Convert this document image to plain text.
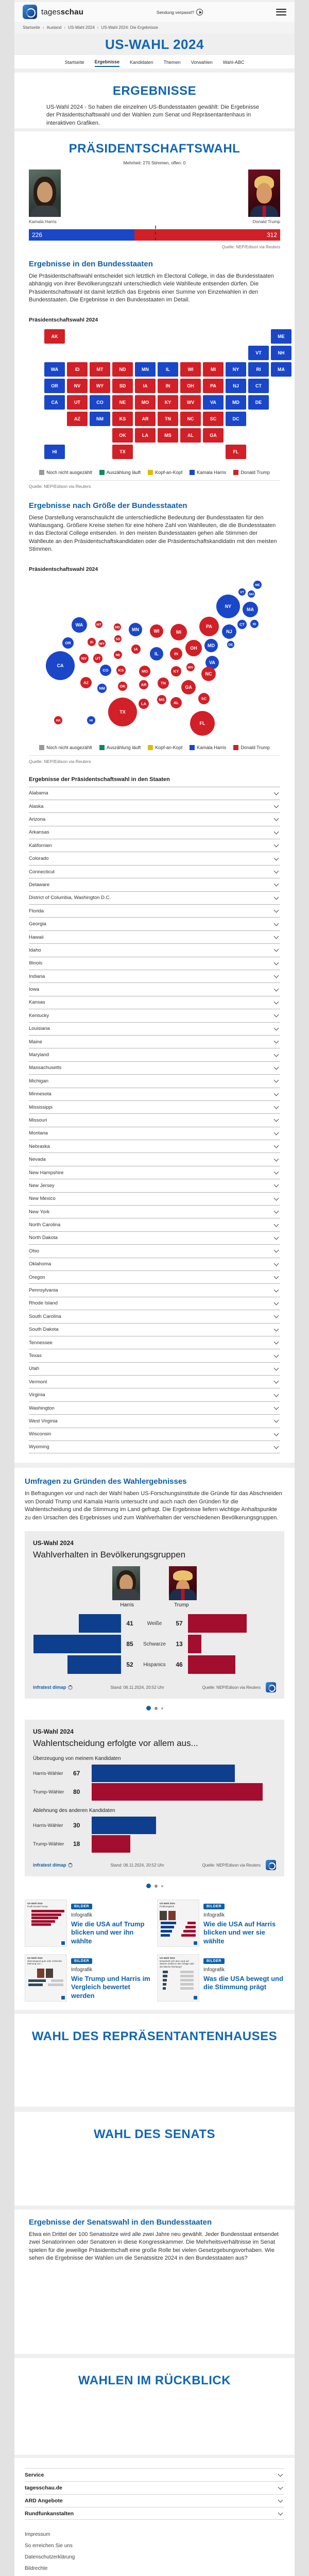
tagesschau	Sendung verpasst?
Startseite › Ausland › US-Wahl 2024 › US-Wahl 2024: Die Ergebnisse
US-WAHL 2024
Startseite Ergebnisse Kandidaten Themen Vorwahlen Wahl-ABC
ERGEBNISSE
US-Wahl 2024 - So haben die einzelnen US-Bundesstaaten gewählt: Die Ergebnisse der Präsidentschaftswahl und der Wahlen zum Senat und Repräsentantenhaus in interaktiven Grafiken.
PRÄSIDENTSCHAFTSWAHL
Mehrheit: 270 Stimmen, offen: 0
Kamala Harris	Donald Trump
226	312
Quelle: NEP/Edison via Reuters
Ergebnisse in den Bundesstaaten
Die Präsidentschaftswahl entscheidet sich letztlich im Electoral College, in das die Bundesstaaten abhängig von ihrer Bevölkerungszahl unterschiedlich viele Wahlleute entsenden dürfen. Die Präsidentschaftswahl ist damit letztlich das Ergebnis einer Summe von Einzelwahlen in den Bundesstaaten. Die Ergebnisse in den Bundesstaaten im Detail.
Präsidentschaftswahl 2024
AK	ME
VT	NH
WA	ID	MT	ND	MN	IL	WI	MI	NY	RI	MA
OR	NV	WY	SD	IA	IN	OH	PA	NJ	CT
CA	UT	CO	NE	MO	KY	WV	VA	MD	DE
AZ	NM	KS	AR	TN	NC	SC	DC
OK	LA	MS	AL	GA
HI	TX	FL
Noch nicht ausgezählt	Auszählung läuft	Kopf-an-Kopf	Kamala Harris	Donald Trump
Quelle: NEP/Edison via Reuters
Ergebnisse nach Größe der Bundesstaaten
Diese Darstellung veranschaulicht die unterschiedliche Bedeutung der Bundesstaaten für den Wahlausgang. Größere Kreise stehen für eine höhere Zahl von Wahlleuten, die die Bundesstaaten in das Electoral College entsenden. In den meisten Bundesstaaten gehen alle Stimmen der Wahlleute an den Präsidentschaftskandidaten oder die Präsidentschaftskandidatin mit den meisten Stimmen.
Präsidentschaftswahl 2024
ME
VT
NH
NY
MA
WA	MT
ND	MN	WI	MI
PA
NJ
CT RI
OR	ID WY
SD
MD	DE
CA
NV UT
NE
IA
IL	IN
OH
VA
CO	KS	MO	KY
WV
NC
AZ
NM	OK	AR	TN
GA
MS
AL
SC
LA
TX
AK	HI
FL
Noch nicht ausgezählt	Auszählung läuft	Kopf-an-Kopf	Kamala Harris	Donald Trump
Quelle: NEP/Edison via Reuters
Ergebnisse der Präsidentschaftswahl in den Staaten
Alabama
Alaska
Arizona
Arkansas
Kalifornien
Colorado
Connecticut
Delaware
District of Columbia, Washington D.C.
Florida
Georgia
Hawaii
Idaho
Illinois
Indiana
Iowa
Kansas
Kentucky
Louisiana
Maine
Maryland
Massachusetts
Michigan
Minnesota
Mississippi
Missouri
Montana
Nebraska
Nevada
New Hampshire
New Jersey
New Mexico
New York
North Carolina
North Dakota
Ohio
Oklahoma
Oregon
Pennsylvania
Rhode Island
South Carolina
South Dakota
Tennessee
Texas
Utah
Vermont
Virginia
Washington
West Virginia
Wisconsin
Wyoming
Umfragen zu Gründen des Wahlergebnisses
In Befragungen vor und nach der Wahl haben US-Forschungsinstitute die Gründe für das Abschneiden von Donald Trump und Kamala Harris untersucht und auch nach den Gründen für die Wahlentscheidung und die Stimmung im Land gefragt. Die Ergebnisse liefern wichtige Anhaltspunkte zu den Ursachen des Ergebnisses und zum Wahlverhalten der verschiedenen Bevölkerungsgruppen.
US-Wahl 2024
Wahlverhalten in Bevölkerungsgruppen
Harris	Trump
41	Weiße	57
85	Schwarze	13
52	Hispanics	46
infratest dimap	Stand: 06.11.2024, 20:52 Uhr	Quelle: NEP/Edison via Reuters
US-Wahl 2024
Wahlentscheidung erfolgte vor allem aus...
Überzeugung von meinem Kandidaten
Harris-Wähler	67
Trump-Wähler	80
Ablehnung des anderen Kandidaten
Harris-Wähler	30
Trump-Wähler	18
infratest dimap	Stand: 06.11.2024, 20:52 Uhr	Quelle: NEP/Edison via Reuters
US-Wahl 2024
Profil Donald Trump	BILDER
Infografik
Wie die USA auf Trump blicken und wer ihn wählte
US-Wahl 2024
Profilvergleich	BILDER
Infografik
Wie die USA auf Harris blicken und wer sie wählte
US-Wahl 2024
Überwiegend gute oder schlechte Meinung von...
BILDER
Infografik
Wie Trump und Harris im Vergleich bewertet werden
US-Wahl 2024
Entwickelt sich das Land auf diesem Gebiet in die richtige oder die falsche Richtung?
BILDER
Infografik
Was die USA bewegt und die Stimmung prägt
WAHL DES REPRÄSENTANTENHAUSES
WAHL DES SENATS
Ergebnisse der Senatswahl in den Bundesstaaten
Etwa ein Drittel der 100 Senatssitze wird alle zwei Jahre neu gewählt. Jeder Bundesstaat entsendet zwei Senatorinnen oder Senatoren in diese Kongresskammer. Die Mehrheitsverhältnisse im Senat spielen für die jeweilige Präsidentschaft eine große Rolle bei vielen Gesetzgebungsvorhaben. Wie sehen die Ergebnisse der Wahlen um die Senatssitze 2024 in den Bundesstaaten aus?
WAHLEN IM RÜCKBLICK
Service
tagesschau.de
ARD Angebote
Rundfunkanstalten
Impressum
So erreichen Sie uns
Datenschutzerklärung
Bildrechte
